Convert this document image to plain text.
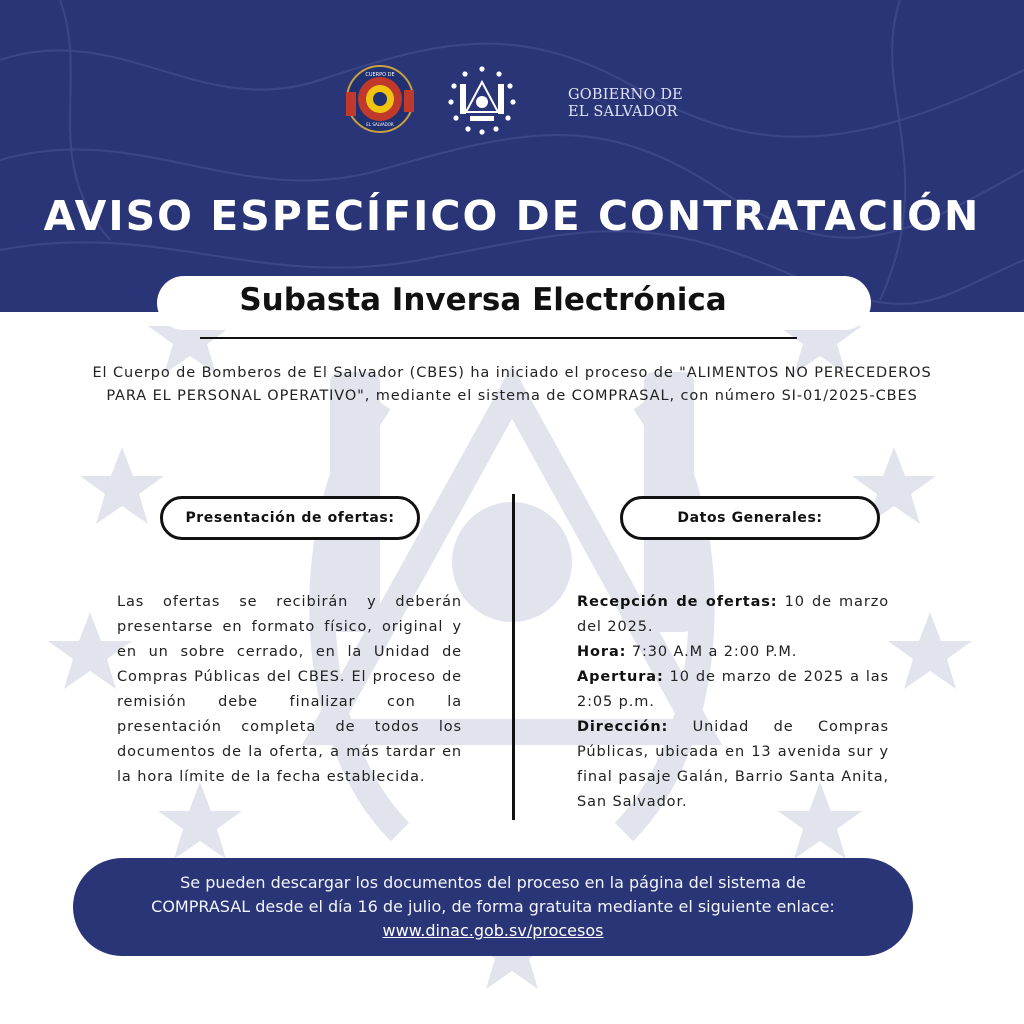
CUERPO DE
EL SALVADOR
GOBIERNO DE
EL SALVADOR
AVISO ESPECÍFICO DE CONTRATACIÓN
Subasta Inversa Electrónica
El Cuerpo de Bomberos de El Salvador (CBES) ha iniciado el proceso de "ALIMENTOS NO PERECEDEROS
PARA EL PERSONAL OPERATIVO", mediante el sistema de COMPRASAL, con número SI-01/2025-CBES
Presentación de ofertas:	Datos Generales:
Las ofertas se recibirán y deberán presentarse en formato físico, original y en un sobre cerrado, en la Unidad de Compras Públicas del CBES. El proceso de remisión debe finalizar con la presentación completa de todos los documentos de la oferta, a más tardar en la hora límite de la fecha establecida.

Recepción de ofertas: 10 de marzo del 2025.

Hora: 7:30 A.M a 2:00 P.M.

Apertura: 10 de marzo de 2025 a las 2:05 p.m.

Dirección: Unidad de Compras Públicas, ubicada en 13 avenida sur y final pasaje Galán, Barrio Santa Anita, San Salvador.

Se pueden descargar los documentos del proceso en la página del sistema de
COMPRASAL desde el día 16 de julio, de forma gratuita mediante el siguiente enlace:
www.dinac.gob.sv/procesos
